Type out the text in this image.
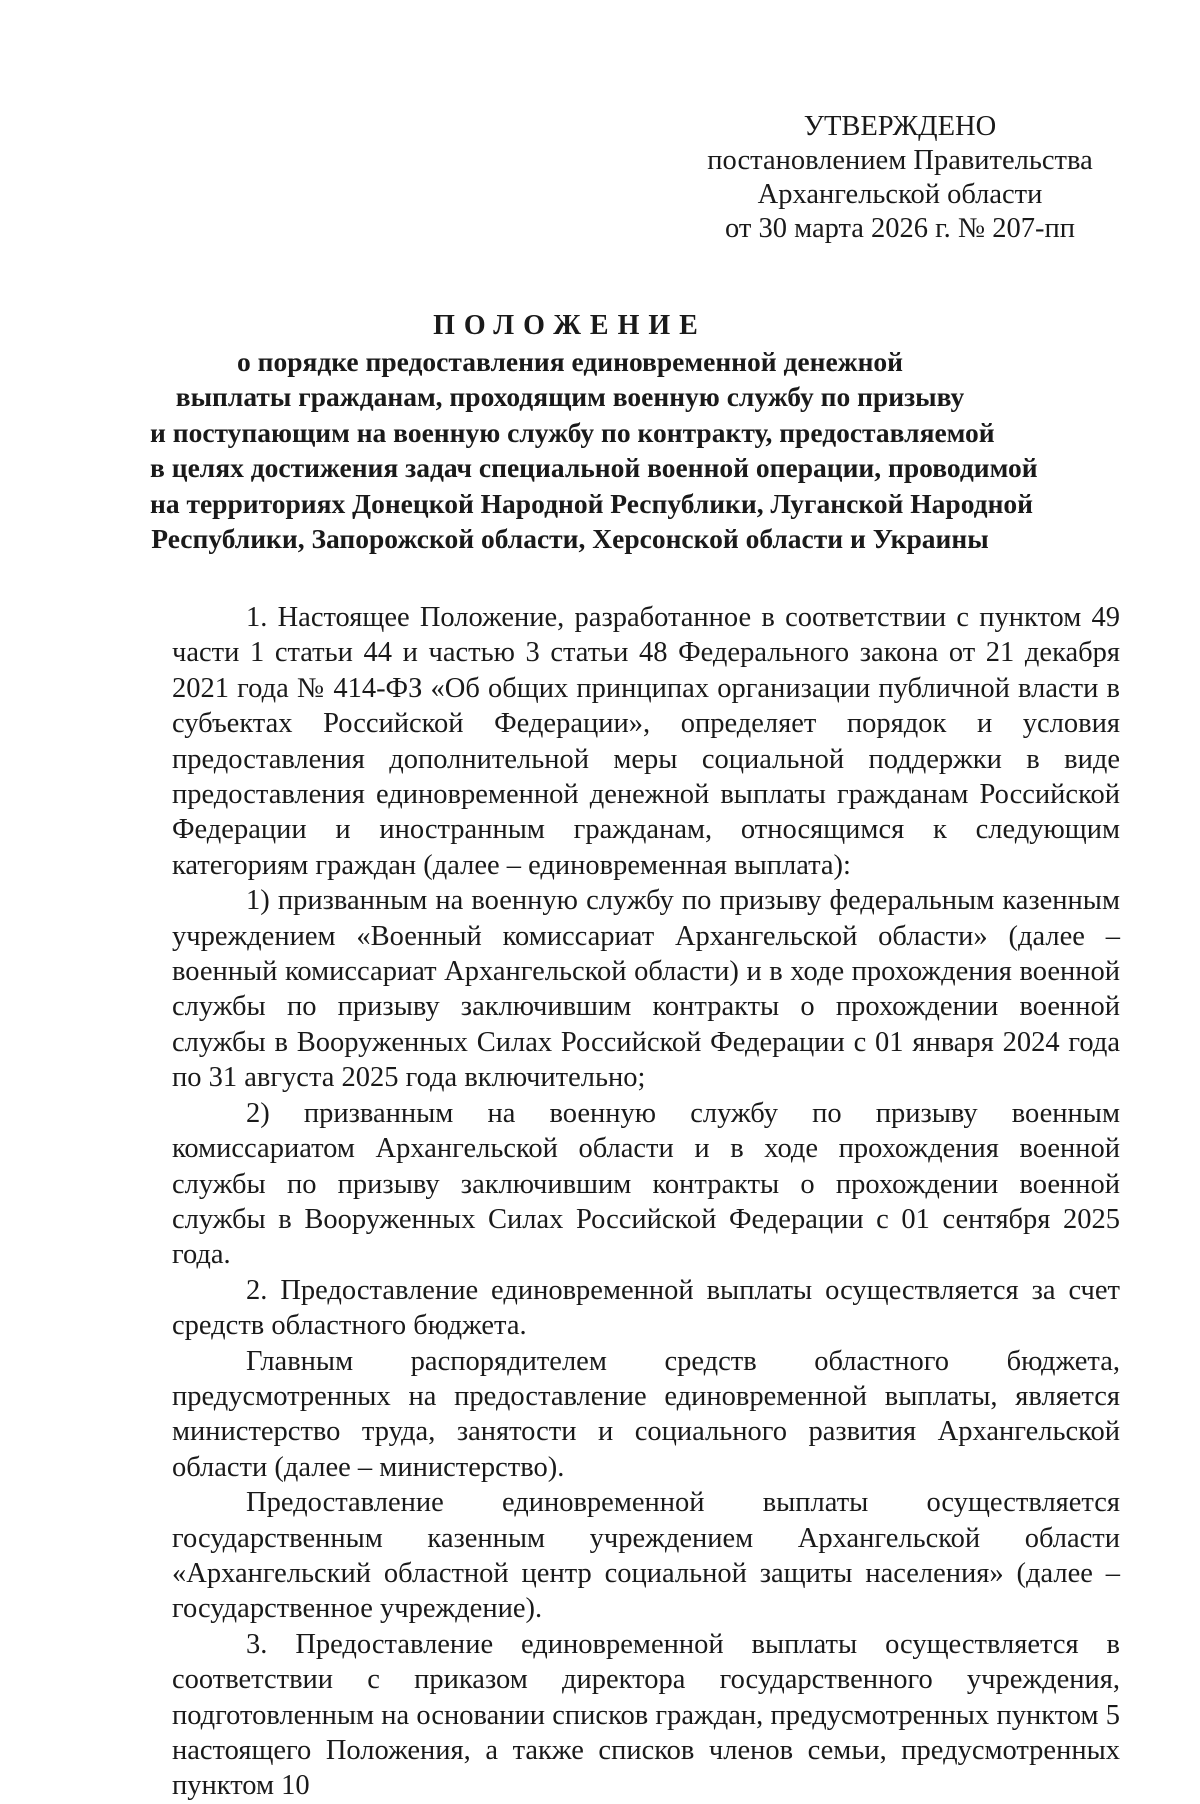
УТВЕРЖДЕНО
постановлением Правительства
Архангельской области
от 30 марта 2026 г. № 207-пп
ПОЛОЖЕНИЕ
о порядке предоставления единовременной денежной
выплаты гражданам, проходящим военную службу по призыву
и поступающим на военную службу по контракту, предоставляемой
в целях достижения задач специальной военной операции, проводимой
на территориях Донецкой Народной Республики, Луганской Народной
Республики, Запорожской области, Херсонской области и Украины

1. Настоящее Положение, разработанное в соответствии с пунктом 49 части 1 статьи 44 и частью 3 статьи 48 Федерального закона от 21 декабря 2021 года № 414-ФЗ «Об общих принципах организации публичной власти в субъектах Российской Федерации», определяет порядок и условия предоставления дополнительной меры социальной поддержки в виде предоставления единовременной денежной выплаты гражданам Российской Федерации и иностранным гражданам, относящимся к следующим категориям граждан (далее – единовременная выплата):

1) призванным на военную службу по призыву федеральным казенным учреждением «Военный комиссариат Архангельской области» (далее – военный комиссариат Архангельской области) и в ходе прохождения военной службы по призыву заключившим контракты о прохождении военной службы в Вооруженных Силах Российской Федерации с 01 января 2024 года по 31 августа 2025 года включительно;

2) призванным на военную службу по призыву военным комиссариатом Архангельской области и в ходе прохождения военной службы по призыву заключившим контракты о прохождении военной службы в Вооруженных Силах Российской Федерации с 01 сентября 2025 года.

2. Предоставление единовременной выплаты осуществляется за счет средств областного бюджета.

Главным распорядителем средств областного бюджета, предусмотренных на предоставление единовременной выплаты, является министерство труда, занятости и социального развития Архангельской области (далее – министерство).

Предоставление единовременной выплаты осуществляется государственным казенным учреждением Архангельской области «Архангельский областной центр социальной защиты населения» (далее – государственное учреждение).

3. Предоставление единовременной выплаты осуществляется в соответствии с приказом директора государственного учреждения, подготовленным на основании списков граждан, предусмотренных пунктом 5 настоящего Положения, а также списков членов семьи, предусмотренных пунктом 10
